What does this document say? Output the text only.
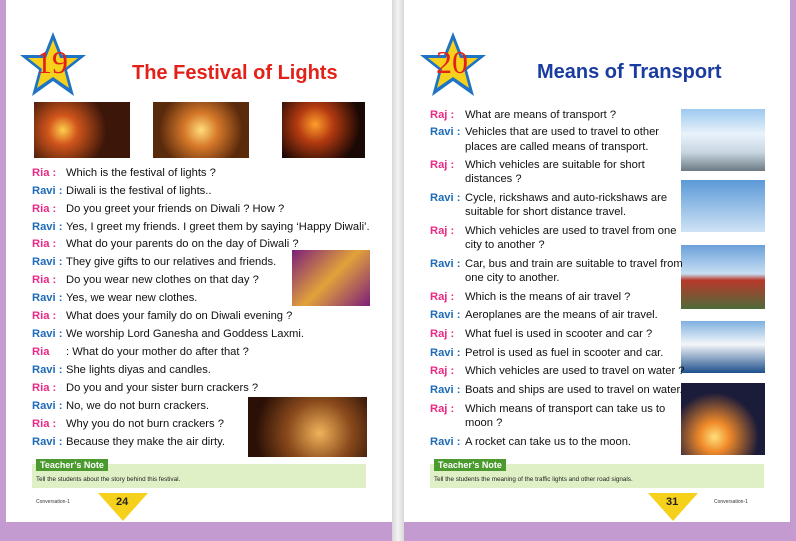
19	The Festival of Lights
Ria : Which is the festival of lights ?
Ravi : Diwali is the festival of lights..
Ria : Do you greet your friends on Diwali ? How ?
Ravi : Yes, I greet my friends. I greet them by saying ‘Happy Diwali’.
Ria : What do your parents do on the day of Diwali ?
Ravi : They give gifts to our relatives and friends.
Ria : Do you wear new clothes on that day ?
Ravi : Yes, we wear new clothes.
Ria : What does your family do on Diwali evening ?
Ravi : We worship Lord Ganesha and Goddess Laxmi.
Ria : What do your mother do after that ?
Ravi : She lights diyas and candles.
Ria : Do you and your sister burn crackers ?
Ravi : No, we do not burn crackers.
Ria : Why you do not burn crackers ?
Ravi : Because they make the air dirty.
Teacher’s Note
Tell the students about the story behind this festival.
Conversation-1	24
20	Means of Transport
Raj : What are means of transport ?
Ravi : Vehicles that are used to travel to other
places are called means of transport.
Raj : Which vehicles are suitable for short
distances ?
Ravi : Cycle, rickshaws and auto-rickshaws are
suitable for short distance travel.
Raj : Which vehicles are used to travel from one
city to another ?
Ravi : Car, bus and train are suitable to travel from
one city to another.
Raj : Which is the means of air travel ?
Ravi : Aeroplanes are the means of air travel.
Raj : What fuel is used in scooter and car ?
Ravi : Petrol is used as fuel in scooter and car.
Raj : Which vehicles are used to travel on water ?
Ravi : Boats and ships are used to travel on water.
Raj : Which means of transport can take us to
moon ?
Ravi : A rocket can take us to the moon.
Teacher’s Note
Tell the students the meaning of the traffic lights and other road signals.
31	Conversation-1
